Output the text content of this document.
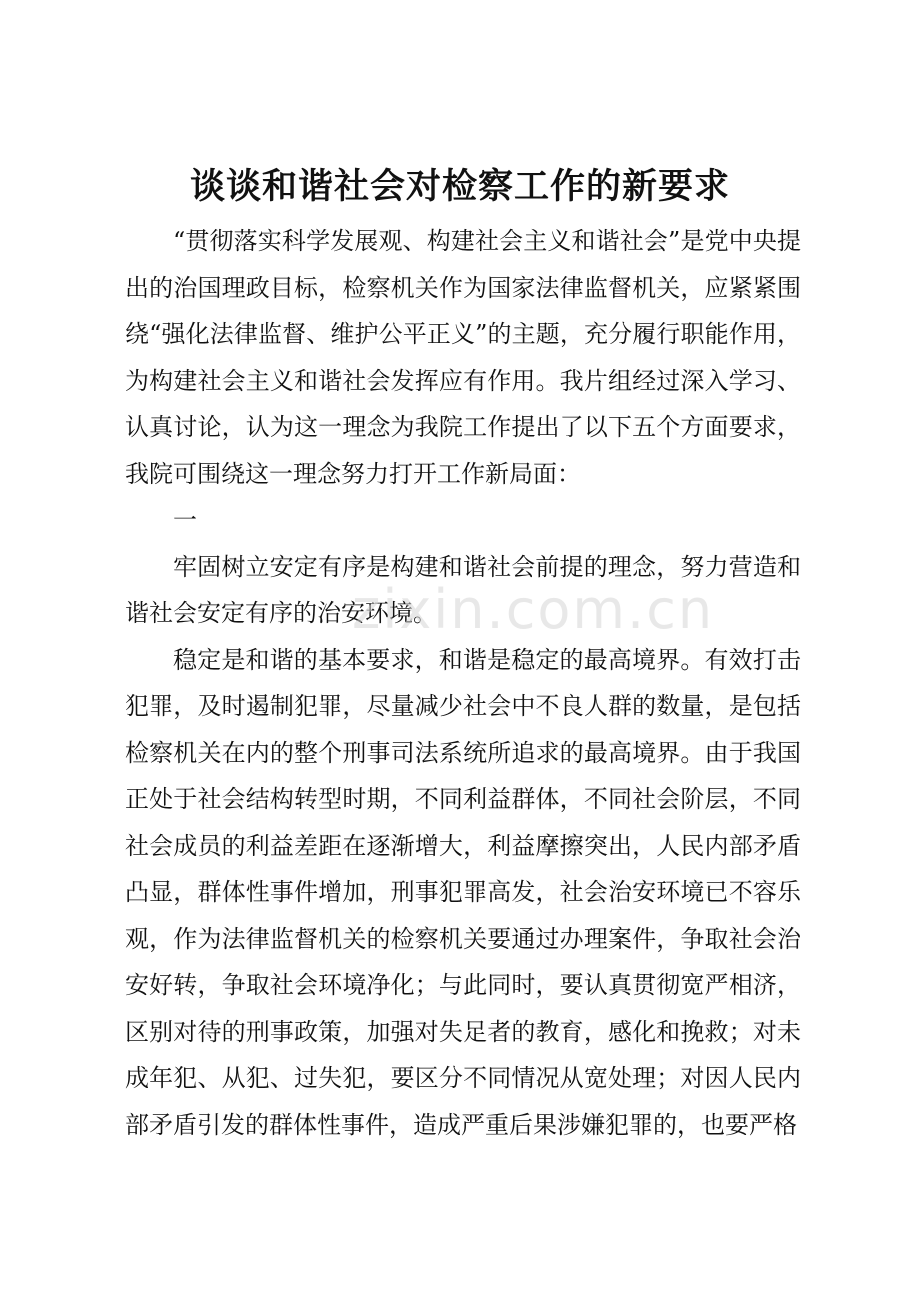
谈谈和谐社会对检察工作的新要求

“贯彻落实科学发展观、构建社会主义和谐社会”是党中央提出的治国理政目标，检察机关作为国家法律监督机关，应紧紧围绕“强化法律监督、维护公平正义”的主题，充分履行职能作用，为构建社会主义和谐社会发挥应有作用。我片组经过深入学习、认真讨论，认为这一理念为我院工作提出了以下五个方面要求，我院可围绕这一理念努力打开工作新局面：

一

牢固树立安定有序是构建和谐社会前提的理念，努力营造和谐社会安定有序的治安环境。

稳定是和谐的基本要求，和谐是稳定的最高境界。有效打击犯罪，及时遏制犯罪，尽量减少社会中不良人群的数量，是包括检察机关在内的整个刑事司法系统所追求的最高境界。由于我国正处于社会结构转型时期，不同利益群体，不同社会阶层，不同社会成员的利益差距在逐渐增大，利益摩擦突出，人民内部矛盾凸显，群体性事件增加，刑事犯罪高发，社会治安环境已不容乐观，作为法律监督机关的检察机关要通过办理案件，争取社会治安好转，争取社会环境净化；与此同时，要认真贯彻宽严相济，区别对待的刑事政策，加强对失足者的教育，感化和挽救；对未成年犯、从犯、过失犯，要区分不同情况从宽处理；对因人民内部矛盾引发的群体性事件，造成严重后果涉嫌犯罪的，也要严格

zixin.com.cn
